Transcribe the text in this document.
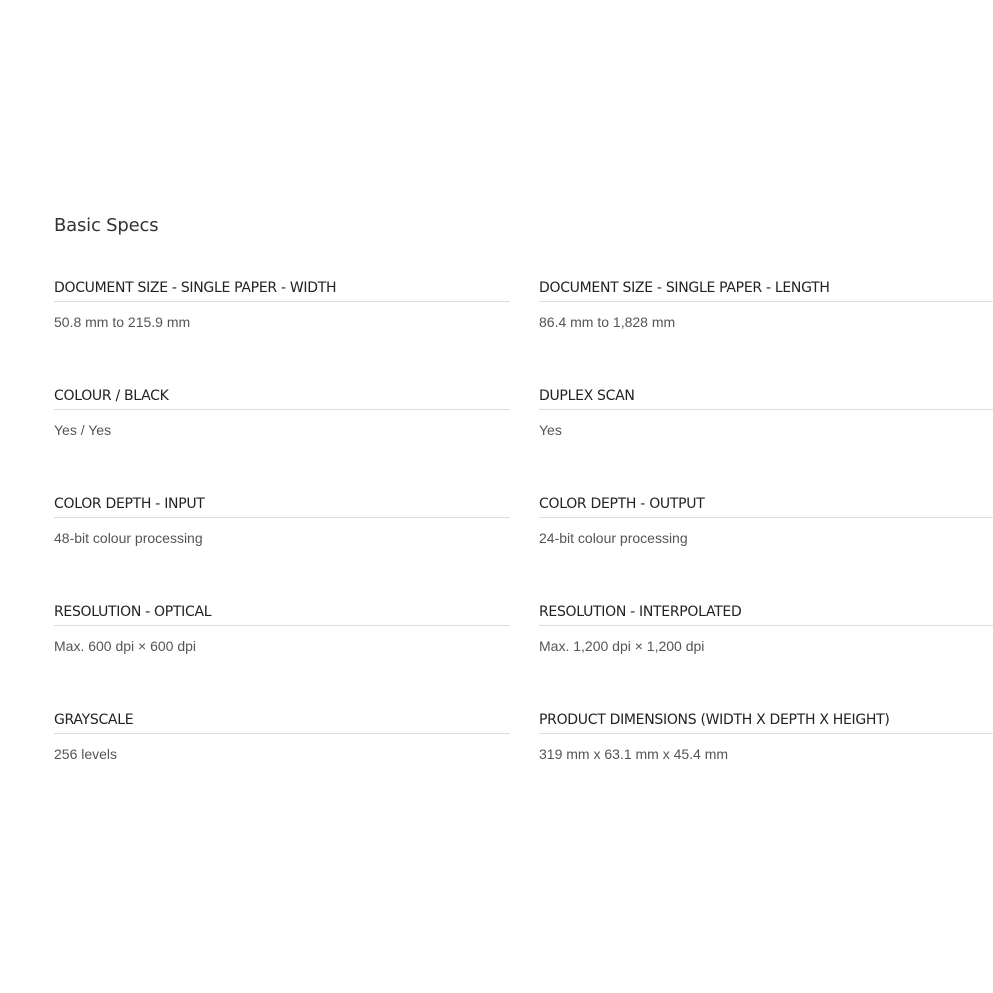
Basic Specs
DOCUMENT SIZE - SINGLE PAPER - WIDTH
50.8 mm to 215.9 mm
DOCUMENT SIZE - SINGLE PAPER - LENGTH
86.4 mm to 1,828 mm
COLOUR / BLACK
Yes / Yes
DUPLEX SCAN
Yes
COLOR DEPTH - INPUT
48-bit colour processing
COLOR DEPTH - OUTPUT
24-bit colour processing
RESOLUTION - OPTICAL
Max. 600 dpi × 600 dpi
RESOLUTION - INTERPOLATED
Max. 1,200 dpi × 1,200 dpi
GRAYSCALE
256 levels
PRODUCT DIMENSIONS (WIDTH X DEPTH X HEIGHT)
319 mm x 63.1 mm x 45.4 mm
